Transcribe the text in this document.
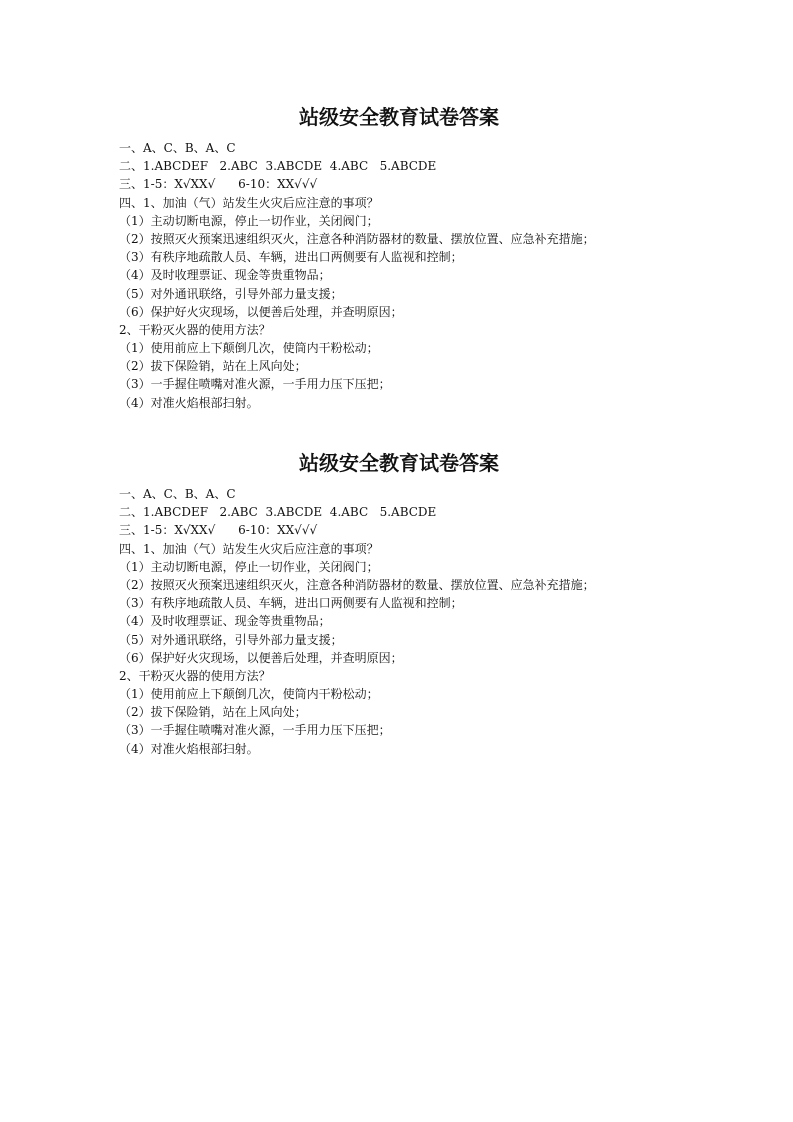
站级安全教育试卷答案
一、A、C、B、A、C
二、1.ABCDEF   2.ABC  3.ABCDE  4.ABC   5.ABCDE
三、1-5：X√XX√      6-10：XX√√√
四、1、加油（气）站发生火灾后应注意的事项？
（1）主动切断电源，停止一切作业，关闭阀门；
（2）按照灭火预案迅速组织灭火，注意各种消防器材的数量、摆放位置、应急补充措施；
（3）有秩序地疏散人员、车辆，进出口两侧要有人监视和控制；
（4）及时收理票证、现金等贵重物品；
（5）对外通讯联络，引导外部力量支援；
（6）保护好火灾现场，以便善后处理，并查明原因；
2、干粉灭火器的使用方法？
（1）使用前应上下颠倒几次，使筒内干粉松动；
（2）拔下保险销，站在上风向处；
（3）一手握住喷嘴对准火源，一手用力压下压把；
（4）对准火焰根部扫射。
站级安全教育试卷答案
一、A、C、B、A、C
二、1.ABCDEF   2.ABC  3.ABCDE  4.ABC   5.ABCDE
三、1-5：X√XX√      6-10：XX√√√
四、1、加油（气）站发生火灾后应注意的事项？
（1）主动切断电源，停止一切作业，关闭阀门；
（2）按照灭火预案迅速组织灭火，注意各种消防器材的数量、摆放位置、应急补充措施；
（3）有秩序地疏散人员、车辆，进出口两侧要有人监视和控制；
（4）及时收理票证、现金等贵重物品；
（5）对外通讯联络，引导外部力量支援；
（6）保护好火灾现场，以便善后处理，并查明原因；
2、干粉灭火器的使用方法？
（1）使用前应上下颠倒几次，使筒内干粉松动；
（2）拔下保险销，站在上风向处；
（3）一手握住喷嘴对准火源，一手用力压下压把；
（4）对准火焰根部扫射。
